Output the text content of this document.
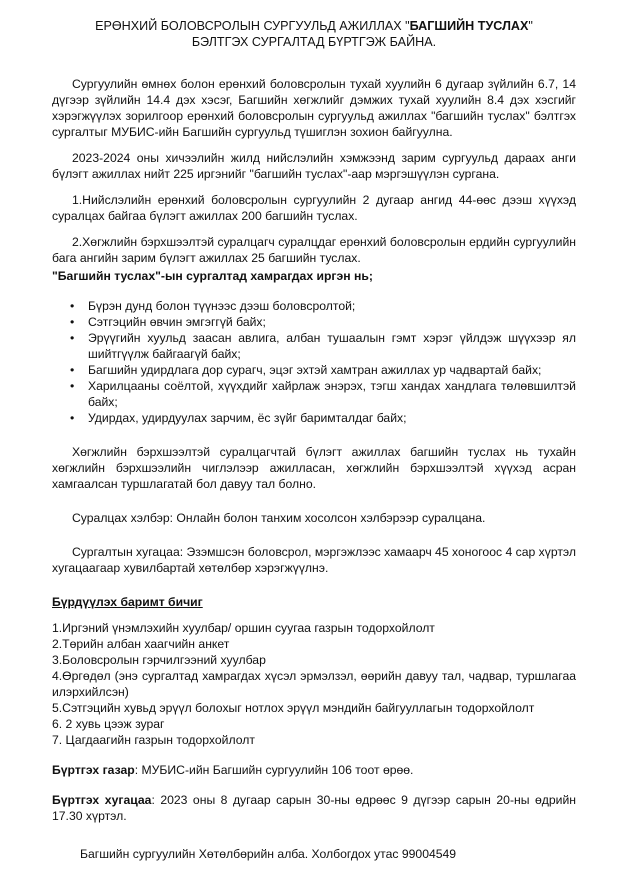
ЕРӨНХИЙ БОЛОВСРОЛЫН СУРГУУЛЬД АЖИЛЛАХ "БАГШИЙН ТУСЛАХ"
БЭЛТГЭХ СУРГАЛТАД БҮРТГЭЖ БАЙНА.

Сургуулийн өмнөх болон ерөнхий боловсролын тухай хуулийн 6 дугаар зүйлийн 6.7, 14 дүгээр зүйлийн 14.4 дэх хэсэг, Багшийн хөгжлийг дэмжих тухай хуулийн 8.4 дэх хэсгийг хэрэгжүүлэх зорилгоор ерөнхий боловсролын сургуульд ажиллах "багшийн туслах" бэлтгэх сургалтыг МУБИС-ийн Багшийн сургуульд түшиглэн зохион байгуулна.

2023-2024 оны хичээлийн жилд нийслэлийн хэмжээнд зарим сургуульд дараах анги бүлэгт ажиллах нийт 225 иргэнийг "багшийн туслах"-аар мэргэшүүлэн сургана.

1.Нийслэлийн ерөнхий боловсролын сургуулийн 2 дугаар ангид 44-өөс дээш хүүхэд суралцах байгаа бүлэгт ажиллах 200 багшийн туслах.

2.Хөгжлийн бэрхшээлтэй суралцагч суралцдаг ерөнхий боловсролын ердийн сургуулийн бага ангийн зарим бүлэгт ажиллах 25 багшийн туслах.

"Багшийн туслах"-ын сургалтад хамрагдах иргэн нь;
• Бүрэн дунд болон түүнээс дээш боловсролтой;
• Сэтгэцийн өвчин эмгэггүй байх;
• Эрүүгийн хуульд заасан авлига, албан тушаалын гэмт хэрэг үйлдэж шүүхээр ял шийтгүүлж байгаагүй байх;
• Багшийн удирдлага дор сурагч, эцэг эхтэй хамтран ажиллах ур чадвартай байх;
• Харилцааны соёлтой, хүүхдийг хайрлаж энэрэх, тэгш хандах хандлага төлөвшилтэй байх;
• Удирдах, удирдуулах зарчим, ёс зүйг баримталдаг байх;

Хөгжлийн бэрхшээлтэй суралцагчтай бүлэгт ажиллах багшийн туслах нь тухайн хөгжлийн бэрхшээлийн чиглэлээр ажилласан, хөгжлийн бэрхшээлтэй хүүхэд асран хамгаалсан туршлагатай бол давуу тал болно.

Суралцах хэлбэр: Онлайн болон танхим хосолсон хэлбэрээр суралцана.

Сургалтын хугацаа: Эзэмшсэн боловсрол, мэргэжлээс хамаарч 45 хоногоос 4 сар хүртэл хугацаагаар хувилбартай хөтөлбөр хэрэгжүүлнэ.

Бүрдүүлэх баримт бичиг
1.Иргэний үнэмлэхийн хуулбар/ оршин суугаа газрын тодорхойлолт
2.Төрийн албан хаагчийн анкет
3.Боловсролын гэрчилгээний хуулбар
4.Өргөдөл (энэ сургалтад хамрагдах хүсэл эрмэлзэл, өөрийн давуу тал, чадвар, туршлагаа илэрхийлсэн)
5.Сэтгэцийн хувьд эрүүл болохыг нотлох эрүүл мэндийн байгууллагын тодорхойлолт
6. 2 хувь цээж зураг
7. Цагдаагийн газрын тодорхойлолт

Бүртгэх газар: МУБИС-ийн Багшийн сургуулийн 106 тоот өрөө.

Бүртгэх хугацаа: 2023 оны 8 дугаар сарын 30-ны өдрөөс 9 дүгээр сарын 20-ны өдрийн 17.30 хүртэл.

Багшийн сургуулийн Хөтөлбөрийн алба. Холбогдох утас 99004549
